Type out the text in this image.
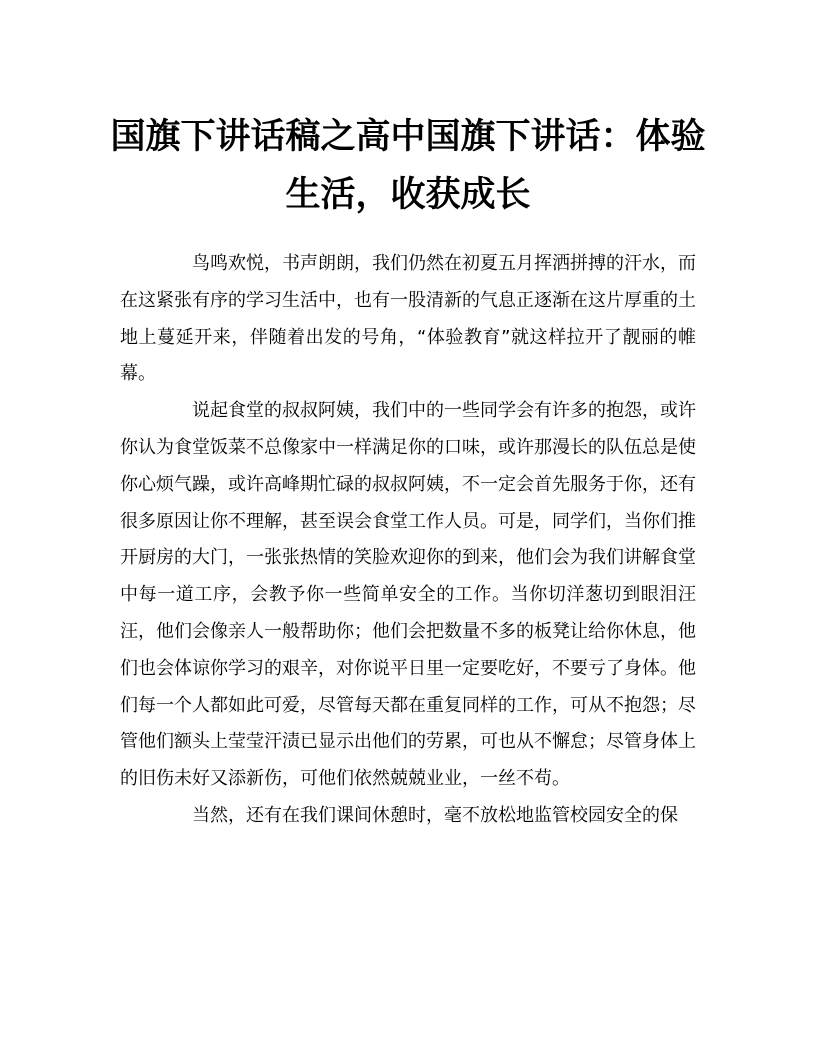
国旗下讲话稿之高中国旗下讲话：体验生活，收获成长

鸟鸣欢悦，书声朗朗，我们仍然在初夏五月挥洒拼搏的汗水，而在这紧张有序的学习生活中，也有一股清新的气息正逐渐在这片厚重的土地上蔓延开来，伴随着出发的号角，“体验教育”就这样拉开了靓丽的帷幕。

说起食堂的叔叔阿姨，我们中的一些同学会有许多的抱怨，或许你认为食堂饭菜不总像家中一样满足你的口味，或许那漫长的队伍总是使你心烦气躁，或许高峰期忙碌的叔叔阿姨，不一定会首先服务于你，还有很多原因让你不理解，甚至误会食堂工作人员。可是，同学们，当你们推开厨房的大门，一张张热情的笑脸欢迎你的到来，他们会为我们讲解食堂中每一道工序，会教予你一些简单安全的工作。当你切洋葱切到眼泪汪汪，他们会像亲人一般帮助你；他们会把数量不多的板凳让给你休息，他们也会体谅你学习的艰辛，对你说平日里一定要吃好，不要亏了身体。他们每一个人都如此可爱，尽管每天都在重复同样的工作，可从不抱怨；尽管他们额头上莹莹汗渍已显示出他们的劳累，可也从不懈怠；尽管身体上的旧伤未好又添新伤，可他们依然兢兢业业，一丝不苟。

当然，还有在我们课间休憩时，毫不放松地监管校园安全的保
